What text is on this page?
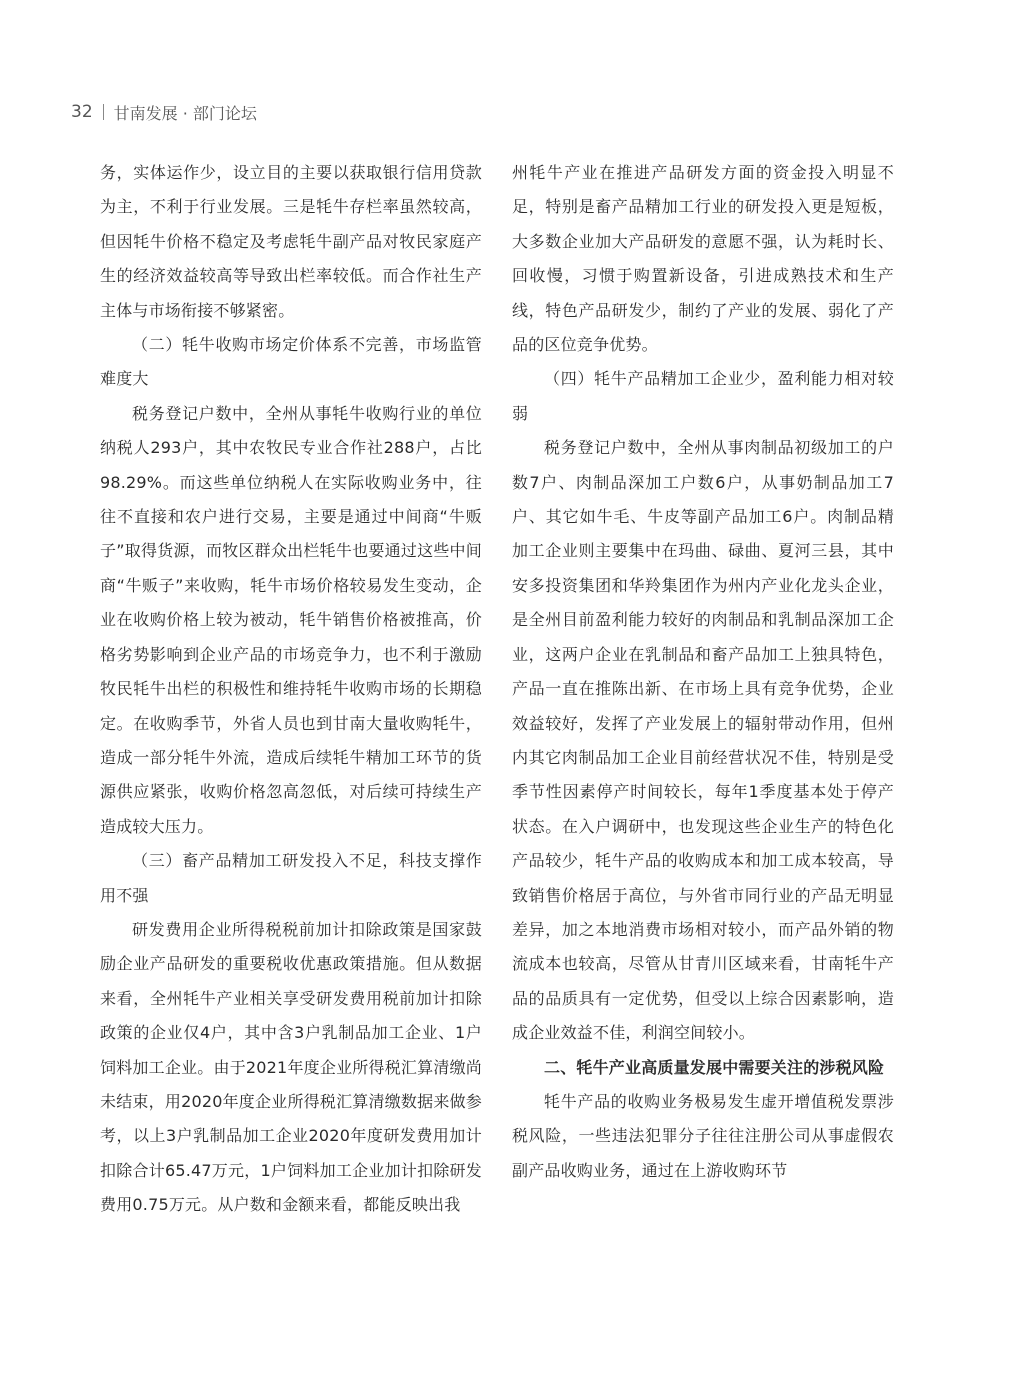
32 甘南发展 · 部门论坛

务，实体运作少，设立目的主要以获取银行信用贷款为主，不利于行业发展。三是牦牛存栏率虽然较高，但因牦牛价格不稳定及考虑牦牛副产品对牧民家庭产生的经济效益较高等导致出栏率较低。而合作社生产主体与市场衔接不够紧密。

（二）牦牛收购市场定价体系不完善，市场监管难度大

税务登记户数中，全州从事牦牛收购行业的单位纳税人293户，其中农牧民专业合作社288户，占比98.29%。而这些单位纳税人在实际收购业务中，往往不直接和农户进行交易，主要是通过中间商“牛贩子”取得货源，而牧区群众出栏牦牛也要通过这些中间商“牛贩子”来收购，牦牛市场价格较易发生变动，企业在收购价格上较为被动，牦牛销售价格被推高，价格劣势影响到企业产品的市场竞争力，也不利于激励牧民牦牛出栏的积极性和维持牦牛收购市场的长期稳定。在收购季节，外省人员也到甘南大量收购牦牛，造成一部分牦牛外流，造成后续牦牛精加工环节的货源供应紧张，收购价格忽高忽低，对后续可持续生产造成较大压力。

（三）畜产品精加工研发投入不足，科技支撑作用不强

研发费用企业所得税税前加计扣除政策是国家鼓励企业产品研发的重要税收优惠政策措施。但从数据来看，全州牦牛产业相关享受研发费用税前加计扣除政策的企业仅4户，其中含3户乳制品加工企业、1户饲料加工企业。由于2021年度企业所得税汇算清缴尚未结束，用2020年度企业所得税汇算清缴数据来做参考，以上3户乳制品加工企业2020年度研发费用加计扣除合计65.47万元，1户饲料加工企业加计扣除研发费用0.75万元。从户数和金额来看，都能反映出我

州牦牛产业在推进产品研发方面的资金投入明显不足，特别是畜产品精加工行业的研发投入更是短板，大多数企业加大产品研发的意愿不强，认为耗时长、回收慢，习惯于购置新设备，引进成熟技术和生产线，特色产品研发少，制约了产业的发展、弱化了产品的区位竞争优势。

（四）牦牛产品精加工企业少，盈利能力相对较弱

税务登记户数中，全州从事肉制品初级加工的户数7户、肉制品深加工户数6户，从事奶制品加工7户、其它如牛毛、牛皮等副产品加工6户。肉制品精加工企业则主要集中在玛曲、碌曲、夏河三县，其中安多投资集团和华羚集团作为州内产业化龙头企业，是全州目前盈利能力较好的肉制品和乳制品深加工企业，这两户企业在乳制品和畜产品加工上独具特色，产品一直在推陈出新、在市场上具有竞争优势，企业效益较好，发挥了产业发展上的辐射带动作用，但州内其它肉制品加工企业目前经营状况不佳，特别是受季节性因素停产时间较长，每年1季度基本处于停产状态。在入户调研中，也发现这些企业生产的特色化产品较少，牦牛产品的收购成本和加工成本较高，导致销售价格居于高位，与外省市同行业的产品无明显差异，加之本地消费市场相对较小，而产品外销的物流成本也较高，尽管从甘青川区域来看，甘南牦牛产品的品质具有一定优势，但受以上综合因素影响，造成企业效益不佳，利润空间较小。

二、牦牛产业高质量发展中需要关注的涉税风险

牦牛产品的收购业务极易发生虚开增值税发票涉税风险，一些违法犯罪分子往往注册公司从事虚假农副产品收购业务，通过在上游收购环节
